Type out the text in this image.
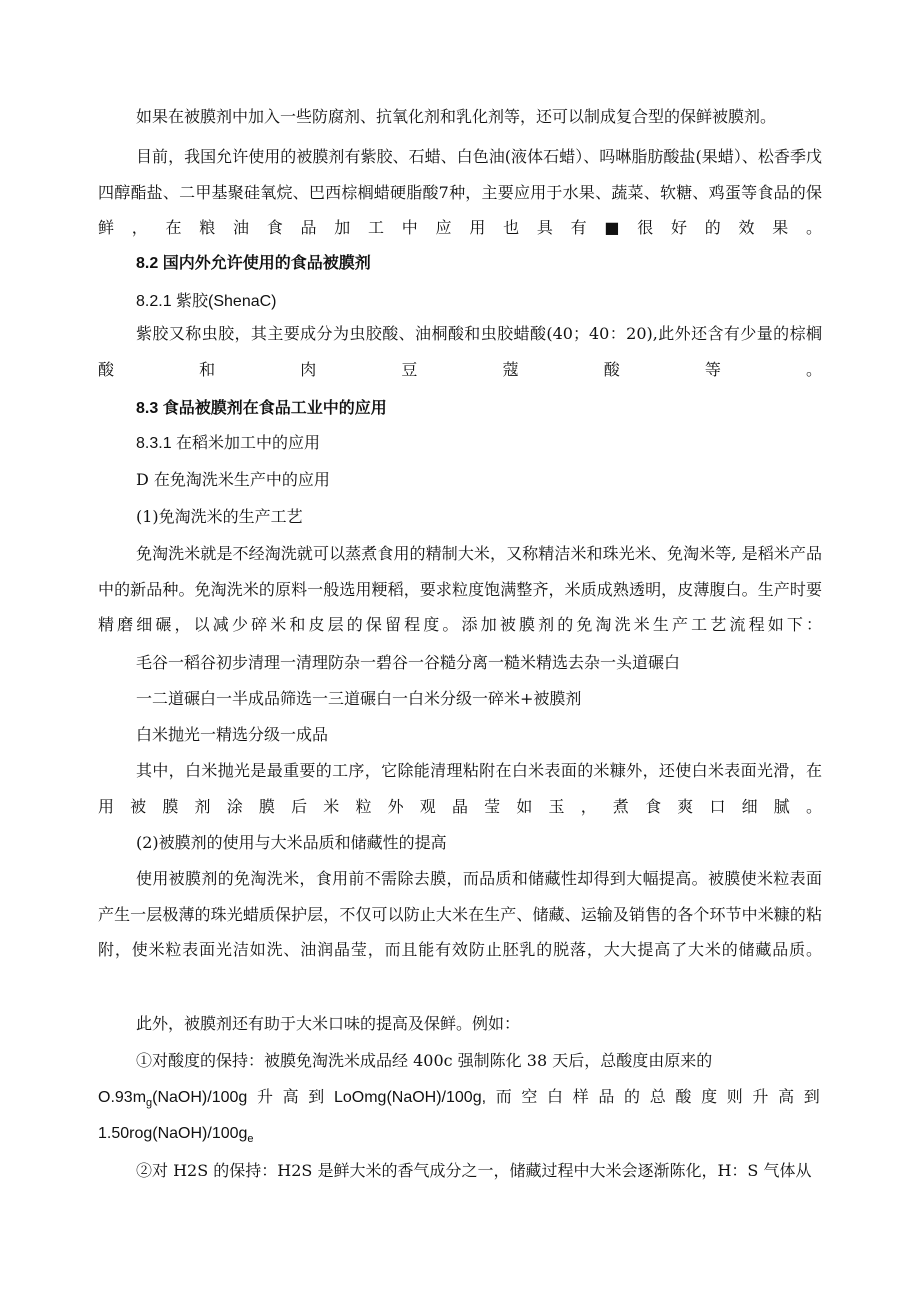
如果在被膜剂中加入一些防腐剂、抗氧化剂和乳化剂等，还可以制成复合型的保鲜被膜剂。

目前，我国允许使用的被膜剂有紫胶、石蜡、白色油(液体石蜡）、吗啉脂肪酸盐(果蜡）、松香季戊四醇酯盐、二甲基聚硅氧烷、巴西棕榈蜡硬脂酸7种，主要应用于水果、蔬菜、软糖、鸡蛋等食品的保鲜，在粮油食品加工中应用也具有■很好的效果。

8.2 国内外允许使用的食品被膜剂

8.2.1 紫胶(ShenaC)

紫胶又称虫胶，其主要成分为虫胶酸、油桐酸和虫胶蜡酸(40；40：20),此外还含有少量的棕榈酸和肉豆蔻酸等。

8.3 食品被膜剂在食品工业中的应用

8.3.1 在稻米加工中的应用

D 在免淘洗米生产中的应用

(1)免淘洗米的生产工艺

免淘洗米就是不经淘洗就可以蒸煮食用的精制大米，又称精洁米和珠光米、免淘米等, 是稻米产品中的新品种。免淘洗米的原料一般选用粳稻，要求粒度饱满整齐，米质成熟透明，皮薄腹白。生产时要精磨细碾，以减少碎米和皮层的保留程度。添加被膜剂的免淘洗米生产工艺流程如下：

毛谷一稻谷初步清理一清理防杂一碧谷一谷糙分离一糙米精选去杂一头道碾白

一二道碾白一半成品筛选一三道碾白一白米分级一碎米+被膜剂

白米抛光一精选分级一成品

其中，白米抛光是最重要的工序，它除能清理粘附在白米表面的米糠外，还使白米表面光滑，在用被膜剂涂膜后米粒外观晶莹如玉，煮食爽口细腻。

(2)被膜剂的使用与大米品质和储藏性的提高

使用被膜剂的免淘洗米，食用前不需除去膜，而品质和储藏性却得到大幅提高。被膜使米粒表面产生一层极薄的珠光蜡质保护层，不仅可以防止大米在生产、储藏、运输及销售的各个环节中米糠的粘附，使米粒表面光洁如洗、油润晶莹，而且能有效防止胚乳的脱落，大大提高了大米的储藏品质。

此外，被膜剂还有助于大米口味的提高及保鲜。例如：

①对酸度的保持：被膜免淘洗米成品经 400c 强制陈化 38 天后，总酸度由原来的

$O.93m_g(NaOH)/100g$ 升 高 到 LoOmg(NaOH)/100g, 而 空 白 样 品 的 总 酸 度 则 升 高 到

$1.50rog(NaOH)/100g_e$

②对 H2S 的保持：H2S 是鲜大米的香气成分之一，储藏过程中大米会逐渐陈化，H：S 气体从
